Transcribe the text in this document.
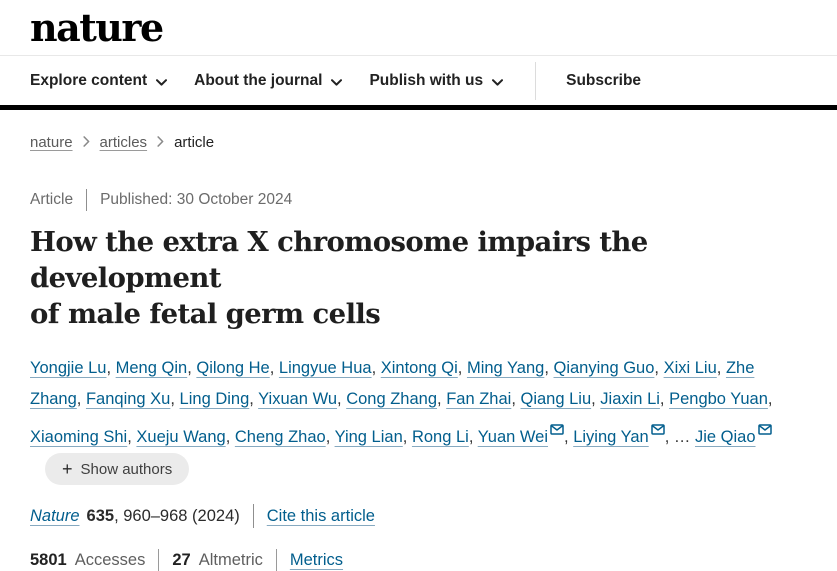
nature
Explore content	About the journal	Publish with us	Subscribe
nature articles article
Article Published: 30 October 2024
How the extra X chromosome impairs the development
of male fetal germ cells

Yongjie Lu, Meng Qin, Qilong He, Lingyue Hua, Xintong Qi, Ming Yang, Qianying Guo, Xixi Liu, Zhe Zhang, Fanqing Xu, Ling Ding, Yixuan Wu, Cong Zhang, Fan Zhai, Qiang Liu, Jiaxin Li, Pengbo Yuan, Xiaoming Shi, Xueju Wang, Cheng Zhao, Ying Lian, Rong Li, Yuan Wei , Liying Yan , … Jie Qiao
+ Show authors

Nature 635 , 960–968 (2024) Cite this article
5801 Accesses 27 Altmetric Metrics
